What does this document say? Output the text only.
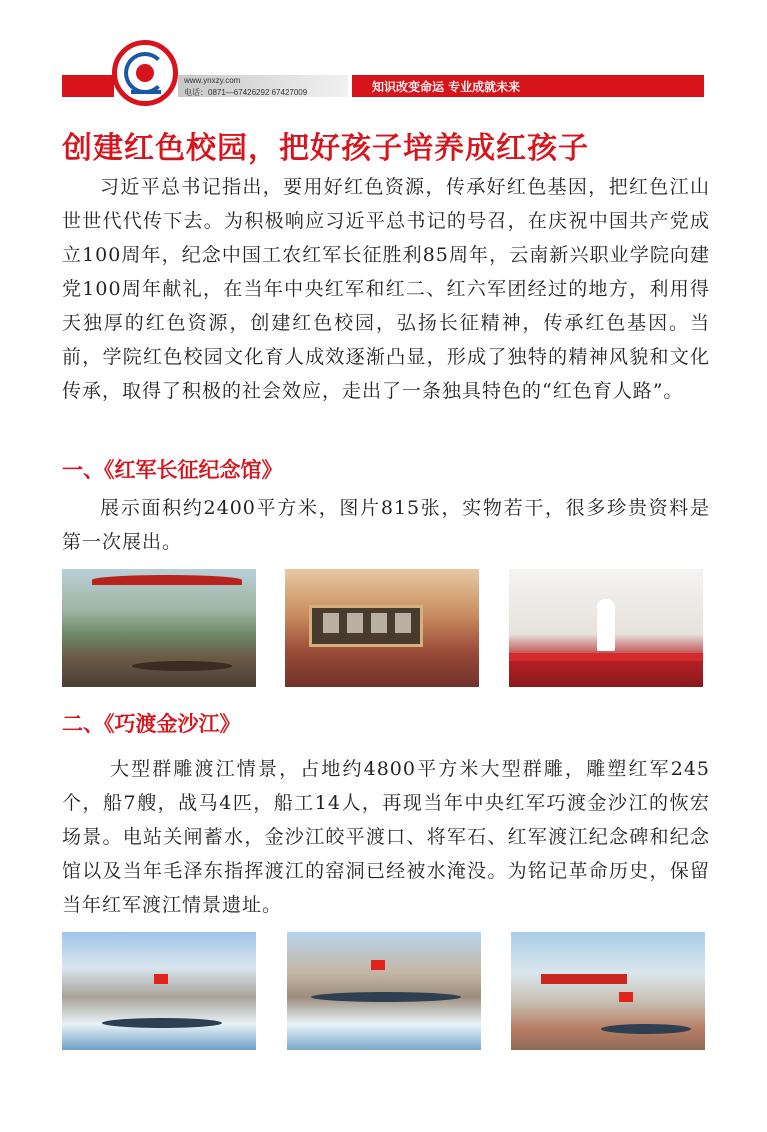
www.ynxzy.com
电话：0871—67426292 67427009	知识改变命运 专业成就未来
创建红色校园，把好孩子培养成红孩子

习近平总书记指出，要用好红色资源，传承好红色基因，把红色江山世世代代传下去。为积极响应习近平总书记的号召，在庆祝中国共产党成立100周年，纪念中国工农红军长征胜利85周年，云南新兴职业学院向建党100周年献礼，在当年中央红军和红二、红六军团经过的地方，利用得天独厚的红色资源，创建红色校园，弘扬长征精神，传承红色基因。当前，学院红色校园文化育人成效逐渐凸显，形成了独特的精神风貌和文化传承，取得了积极的社会效应，走出了一条独具特色的“红色育人路”。

一、《红军长征纪念馆》

展示面积约2400平方米，图片815张，实物若干，很多珍贵资料是第一次展出。

二、《巧渡金沙江》

大型群雕渡江情景，占地约4800平方米大型群雕，雕塑红军245个，船7艘，战马4匹，船工14人，再现当年中央红军巧渡金沙江的恢宏场景。电站关闸蓄水，金沙江皎平渡口、将军石、红军渡江纪念碑和纪念馆以及当年毛泽东指挥渡江的窑洞已经被水淹没。为铭记革命历史，保留当年红军渡江情景遗址。
